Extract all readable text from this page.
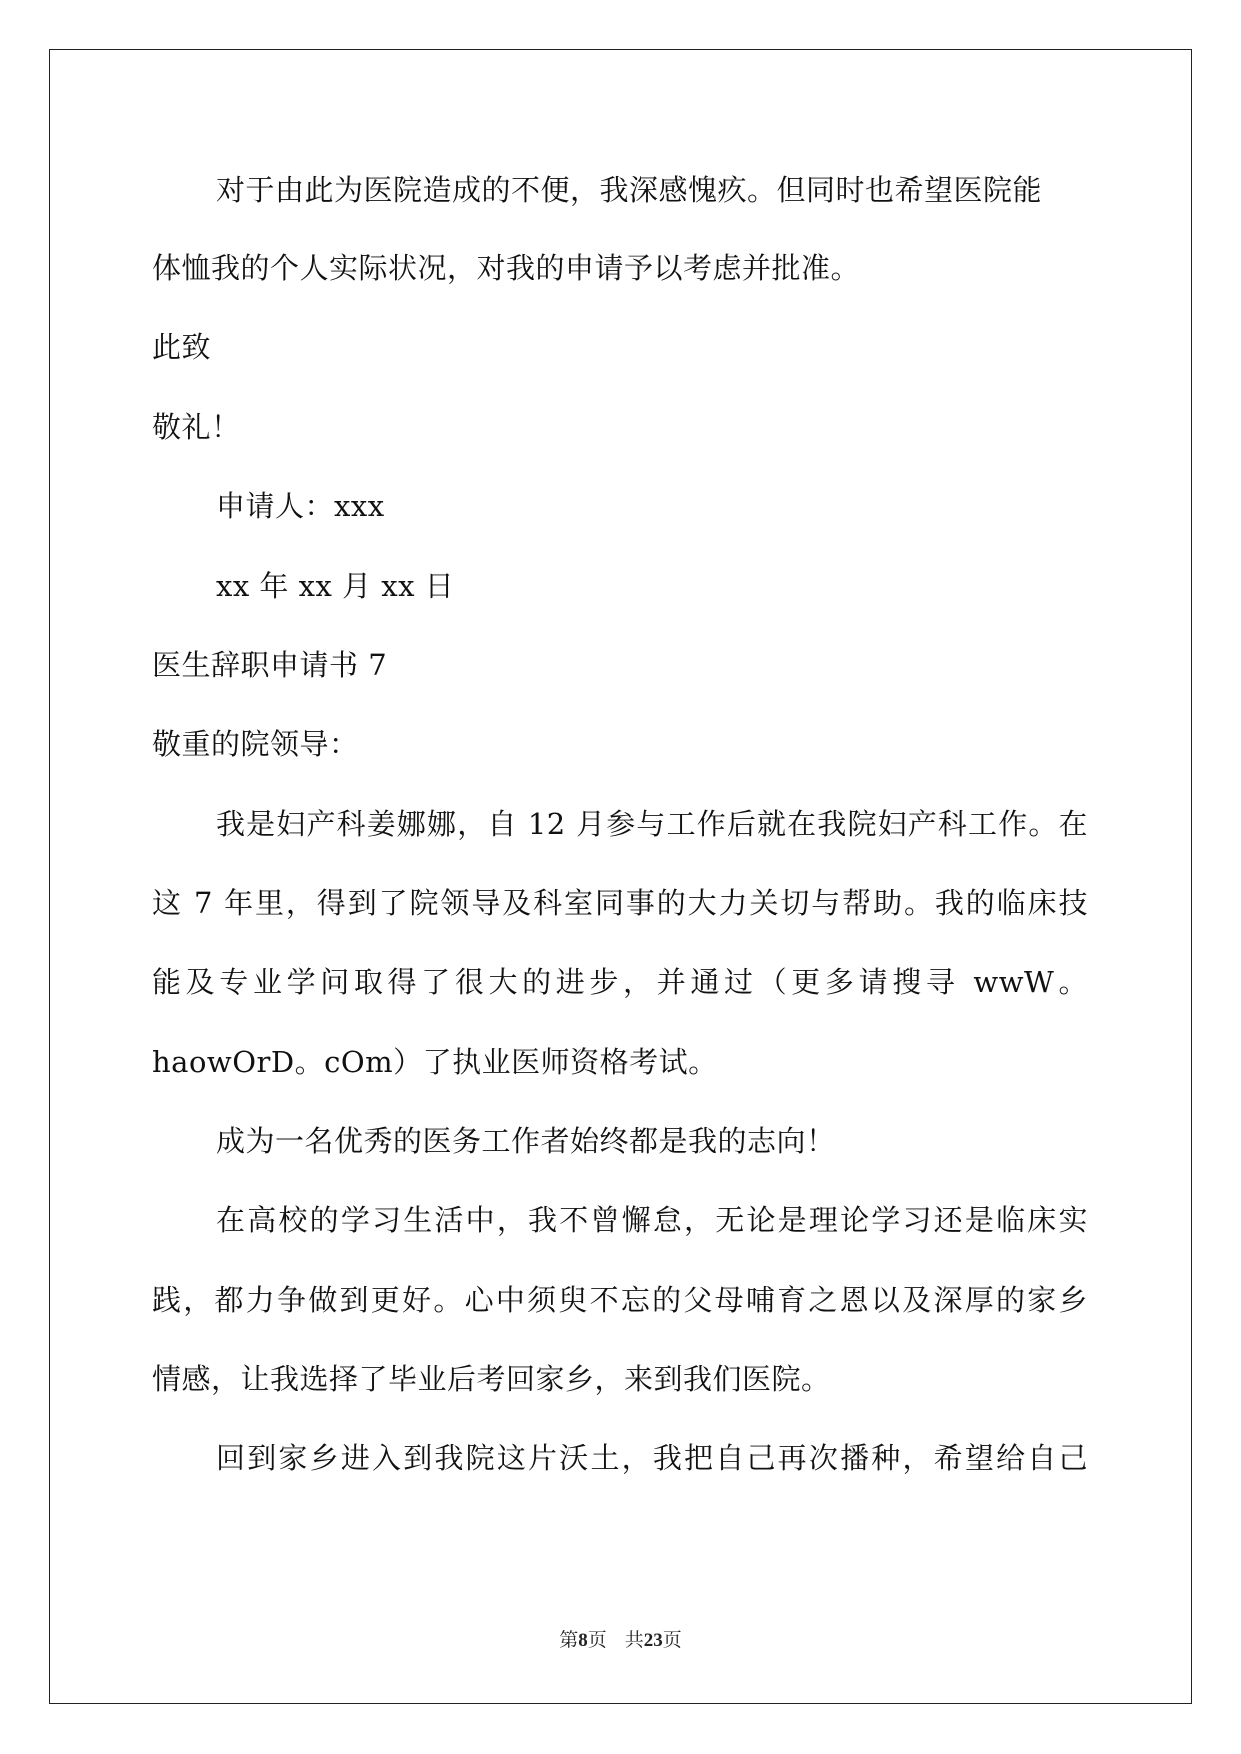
对于由此为医院造成的不便，我深感愧疚。但同时也希望医院能
体恤我的个人实际状况，对我的申请予以考虑并批准。
此致
敬礼！
申请人：xxx
xx 年 xx 月 xx 日
医生辞职申请书 7
敬重的院领导：
我是妇产科姜娜娜，自 12 月参与工作后就在我院妇产科工作。在
这 7 年里，得到了院领导及科室同事的大力关切与帮助。我的临床技
能及专业学问取得了很大的进步，并通过（更多请搜寻 wwW。
haowOrD。cOm）了执业医师资格考试。
成为一名优秀的医务工作者始终都是我的志向！
在高校的学习生活中，我不曾懈怠，无论是理论学习还是临床实
践，都力争做到更好。心中须臾不忘的父母哺育之恩以及深厚的家乡
情感，让我选择了毕业后考回家乡，来到我们医院。
回到家乡进入到我院这片沃土，我把自己再次播种，希望给自己
第8页 共23页
